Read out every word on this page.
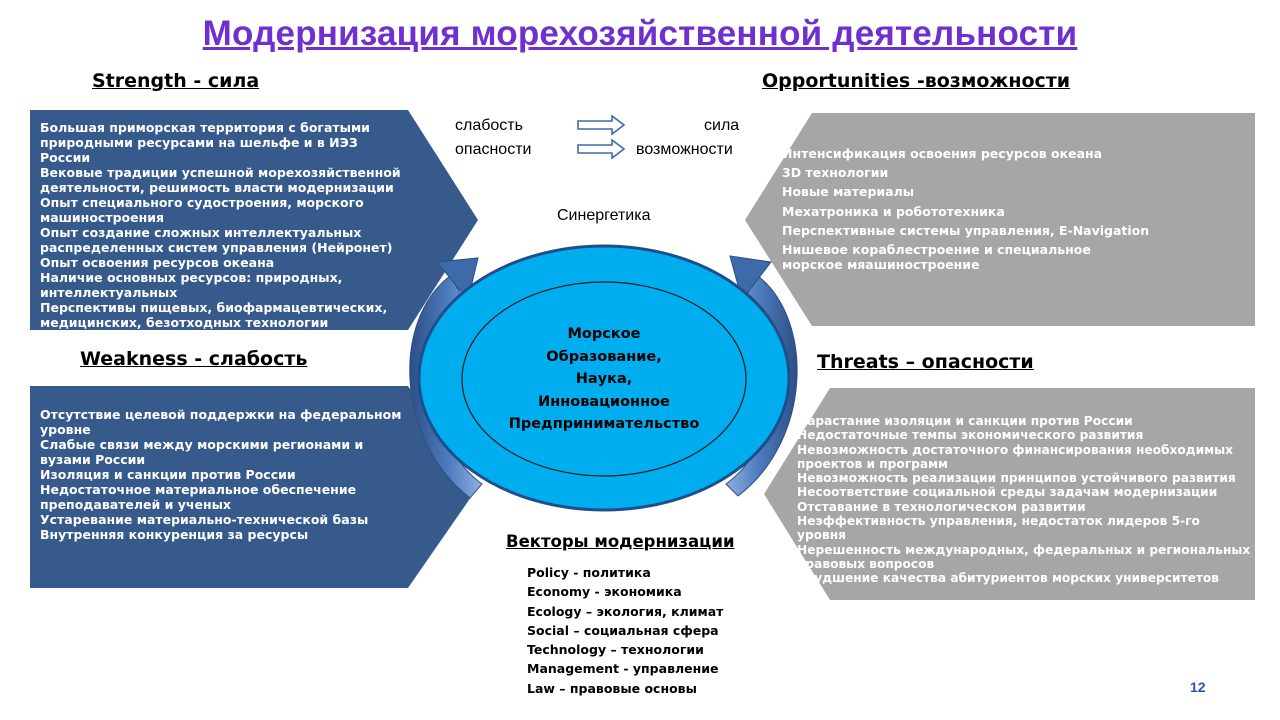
Модернизация морехозяйственной деятельности
Strength - сила
Weakness - слабость
Opportunities -возможности
Threats – опасности
Большая приморская территория с богатыми природными ресурсами на шельфе и в ИЭЗ России
Вековые традиции успешной морехозяйственной деятельности, решимость власти модернизации
Опыт специального судостроения, морского машиностроения
Опыт создание сложных интеллектуальных распределенных систем управления (Нейронет)
Опыт освоения ресурсов океана
Наличие основных ресурсов: природных, интеллектуальных
Перспективы пищевых, биофармацевтических, медицинских, безотходных технологии
Отсутствие целевой поддержки на федеральном уровне
Слабые связи между морскими регионами и вузами России
Изоляция и санкции против России
Недостаточное материальное обеспечение преподавателей и ученых
Устаревание материально-технической базы
Внутренняя конкуренция за ресурсы
Интенсификация освоения ресурсов океана
3D технологии
Новые материалы
Мехатроника и робототехника
Перспективные системы управления, E-Navigation
Нишевое кораблестроение и специальное морское мяашиностроение
Нарастание изоляции и санкции против России
Недостаточные темпы экономического развития
Невозможность достаточного финансирования необходимых проектов и программ
Невозможность реализации принципов устойчивого развития
Несоответствие социальной среды задачам модернизации
Отставание в технологическом развитии
Неэффективность управления, недостаток лидеров 5-го уровня
Нерешенность международных, федеральных и региональных правовых вопросов
Ухудшение качества абитуриентов морских университетов
слабость	сила
опасности	возможности
Синергетика
Морское
Образование,
Наука,
Инновационное
Предпринимательство
Векторы модернизации
Policy - политика
Economy - экономика
Ecology – экология, климат
Social – социальная сфера
Technology – технологии
Management - управление
Law – правовые основы	12
